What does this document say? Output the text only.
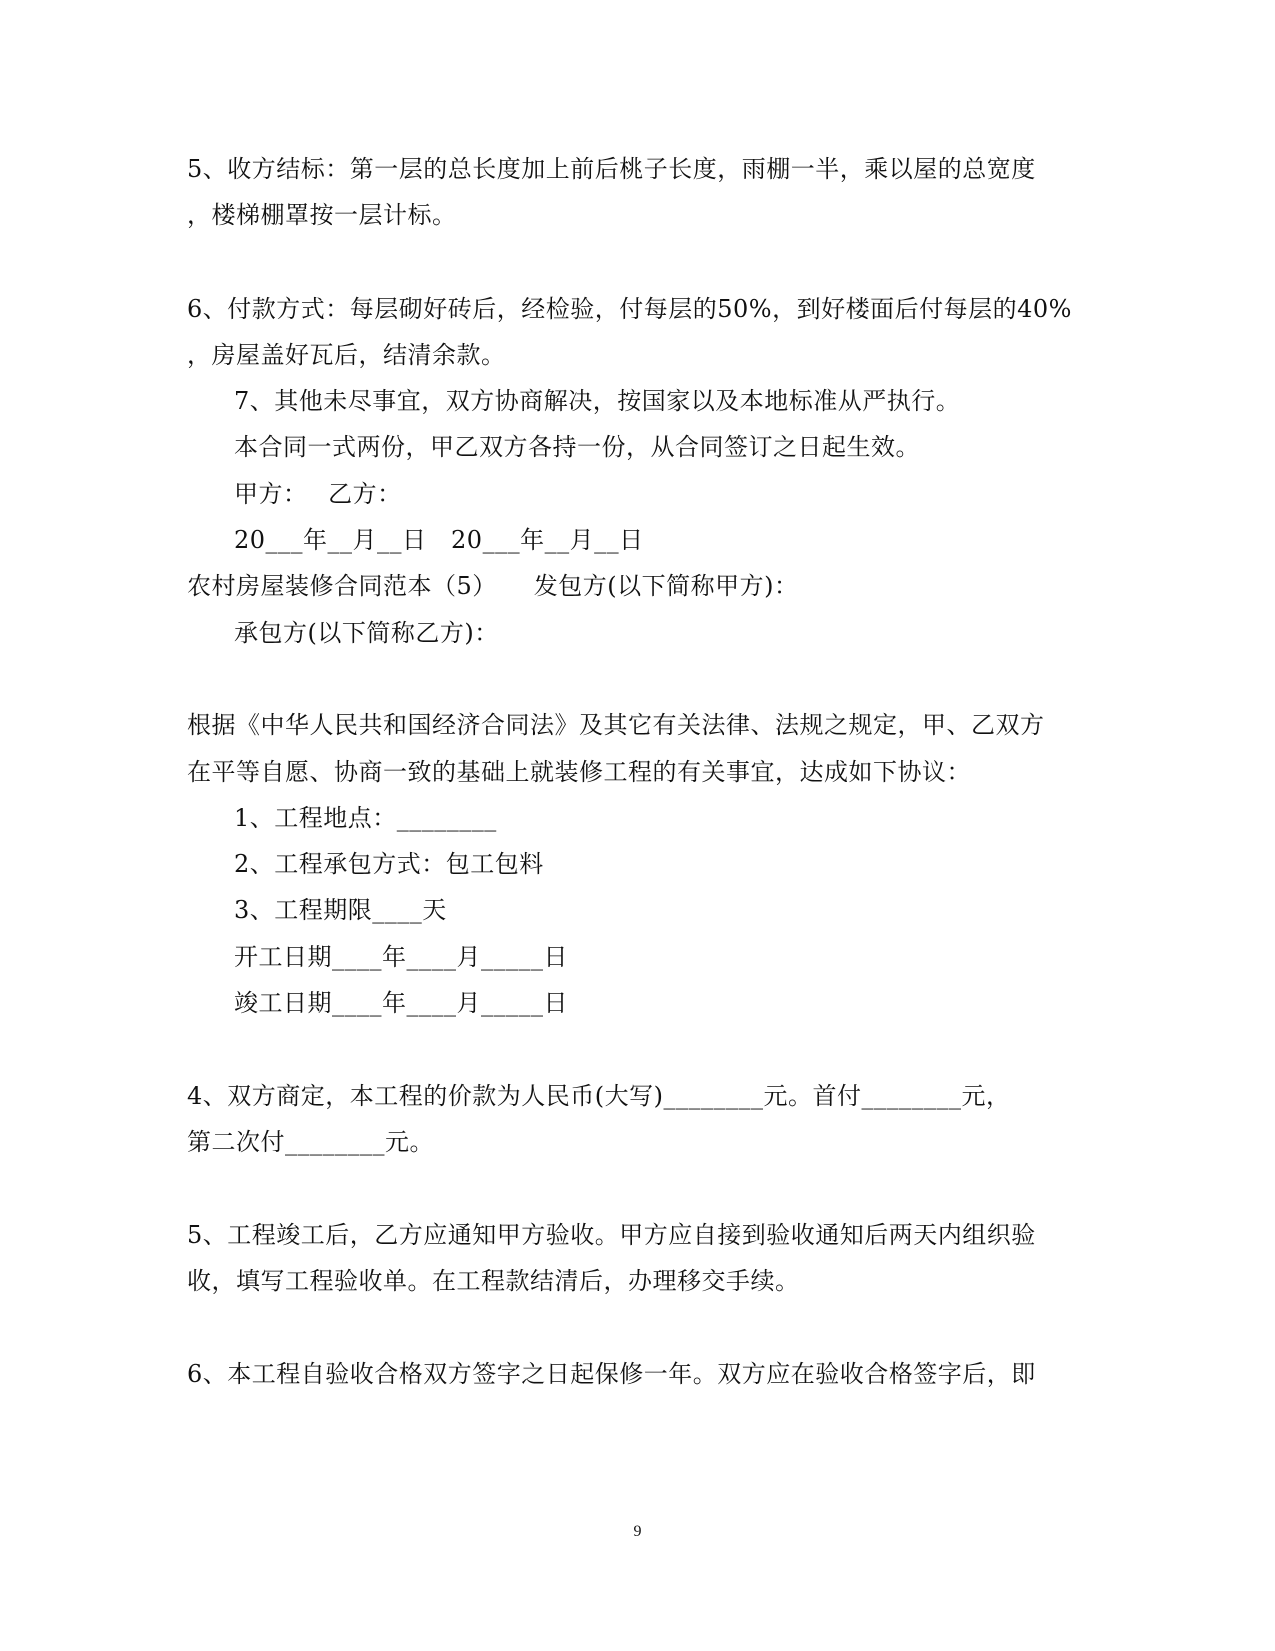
5、收方结标：第一层的总长度加上前后桃子长度，雨棚一半，乘以屋的总宽度
，楼梯棚罩按一层计标。
6、付款方式：每层砌好砖后，经检验，付每层的50%，到好楼面后付每层的40%
，房屋盖好瓦后，结清余款。
7、其他未尽事宜，双方协商解决，按国家以及本地标准从严执行。
本合同一式两份，甲乙双方各持一份，从合同签订之日起生效。
甲方：　 乙方：
20___年__月__日　20___年__月__日
农村房屋装修合同范本（5）　　发包方(以下简称甲方)：
承包方(以下简称乙方)：
根据《中华人民共和国经济合同法》及其它有关法律、法规之规定，甲、乙双方
在平等自愿、协商一致的基础上就装修工程的有关事宜，达成如下协议：
1、工程地点：________
2、工程承包方式：包工包料
3、工程期限____天
开工日期____年____月_____日
竣工日期____年____月_____日
4、双方商定，本工程的价款为人民币(大写)________元。首付________元，
第二次付________元。
5、工程竣工后，乙方应通知甲方验收。甲方应自接到验收通知后两天内组织验
收，填写工程验收单。在工程款结清后，办理移交手续。
6、本工程自验收合格双方签字之日起保修一年。双方应在验收合格签字后，即
9
